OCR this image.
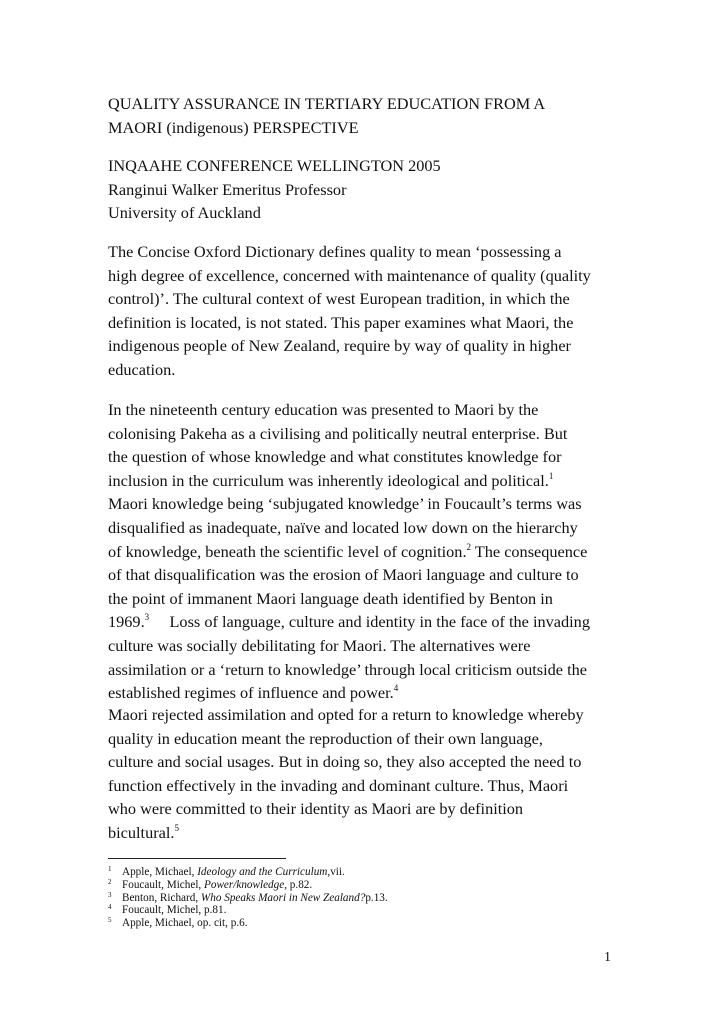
QUALITY ASSURANCE IN TERTIARY EDUCATION FROM A
MAORI (indigenous) PERSPECTIVE
INQAAHE CONFERENCE WELLINGTON 2005
Ranginui Walker Emeritus Professor
University of Auckland
The Concise Oxford Dictionary defines quality to mean ‘possessing a
high degree of excellence, concerned with maintenance of quality (quality
control)’. The cultural context of west European tradition, in which the
definition is located, is not stated. This paper examines what Maori, the
indigenous people of New Zealand, require by way of quality in higher
education.
In the nineteenth century education was presented to Maori by the
colonising Pakeha as a civilising and politically neutral enterprise. But
the question of whose knowledge and what constitutes knowledge for
inclusion in the curriculum was inherently ideological and political.$^1$
Maori knowledge being ‘subjugated knowledge’ in Foucault’s terms was
disqualified as inadequate, naïve and located low down on the hierarchy
of knowledge, beneath the scientific level of cognition.$^2$ The consequence
of that disqualification was the erosion of Maori language and culture to
the point of immanent Maori language death identified by Benton in
1969.$^3$     Loss of language, culture and identity in the face of the invading
culture was socially debilitating for Maori. The alternatives were
assimilation or a ‘return to knowledge’ through local criticism outside the
established regimes of influence and power.$^4$
Maori rejected assimilation and opted for a return to knowledge whereby
quality in education meant the reproduction of their own language,
culture and social usages. But in doing so, they also accepted the need to
function effectively in the invading and dominant culture. Thus, Maori
who were committed to their identity as Maori are by definition
bicultural.$^5$
$^1$ Apple, Michael, Ideology and the Curriculum,vii.
$^2$ Foucault, Michel, Power/knowledge, p.82.
$^3$ Benton, Richard, Who Speaks Maori in New Zealand?p.13.
$^4$ Foucault, Michel, p.81.
$^5$ Apple, Michael, op. cit, p.6.
1
